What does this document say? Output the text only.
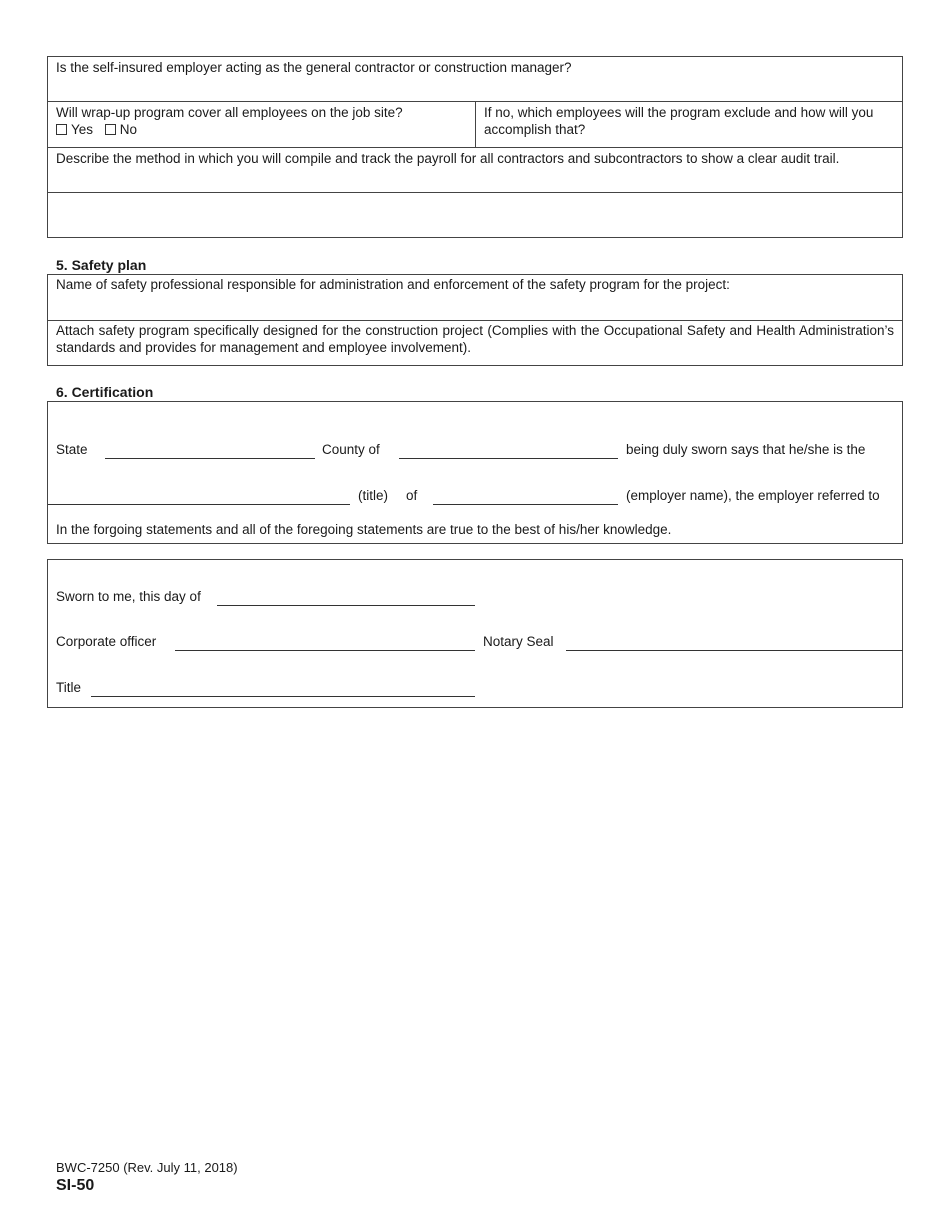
Is the self-insured employer acting as the general contractor or construction manager?
Will wrap-up program cover all employees on the job site?
Yes No
If no, which employees will the program exclude and how will you accomplish that?
Describe the method in which you will compile and track the payroll for all contractors and subcontractors to show a clear audit trail.
5. Safety plan
Name of safety professional responsible for administration and enforcement of the safety program for the project:
Attach safety program specifically designed for the construction project (Complies with the Occupational Safety and Health Administration’s standards and provides for management and employee involvement).
6. Certification
State	County of	being duly sworn says that he/she is the
(title) of	(employer name), the employer referred to
In the forgoing statements and all of the foregoing statements are true to the best of his/her knowledge.
Sworn to me, this day of
Corporate officer	Notary Seal
Title
BWC-7250 (Rev. July 11, 2018)
SI-50
